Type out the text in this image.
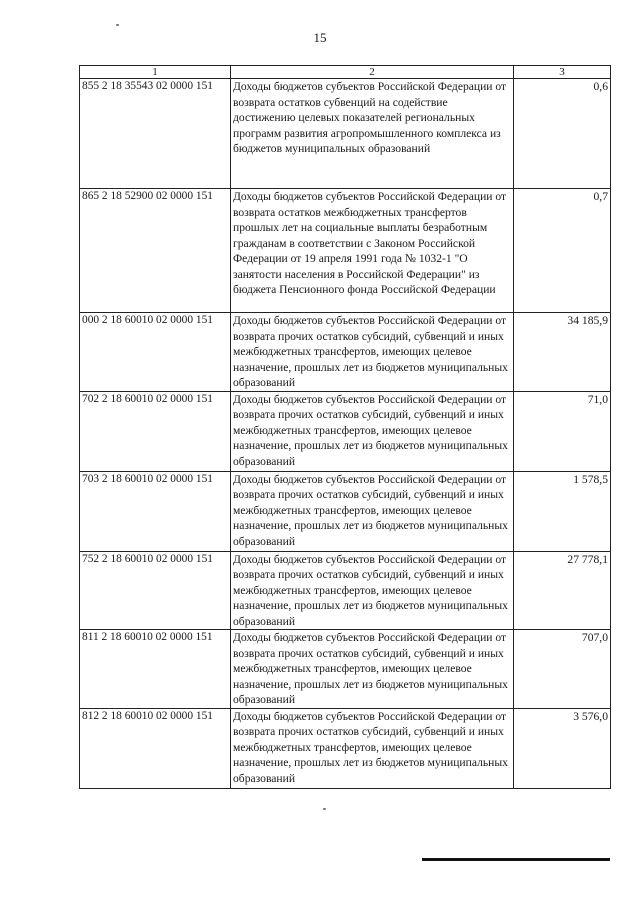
15
1	2	3
855 2 18 35543 02 0000 151	Доходы бюджетов субъектов Российской Федерации от возврата остатков субвенций на содействие достижению целевых показателей региональных программ развития агропромышленного комплекса из бюджетов муниципальных образований	0,6
865 2 18 52900 02 0000 151	Доходы бюджетов субъектов Российской Федерации от возврата остатков межбюджетных трансфертов прошлых лет на социальные выплаты безработным гражданам в соответствии с Законом Российской Федерации от 19 апреля 1991 года № 1032-1 "О занятости населения в Российской Федерации" из бюджета Пенсионного фонда Российской Федерации	0,7
000 2 18 60010 02 0000 151	Доходы бюджетов субъектов Российской Федерации от возврата прочих остатков субсидий, субвенций и иных межбюджетных трансфертов, имеющих целевое назначение, прошлых лет из бюджетов муниципальных образований	34 185,9
702 2 18 60010 02 0000 151	Доходы бюджетов субъектов Российской Федерации от возврата прочих остатков субсидий, субвенций и иных межбюджетных трансфертов, имеющих целевое назначение, прошлых лет из бюджетов муниципальных образований	71,0
703 2 18 60010 02 0000 151	Доходы бюджетов субъектов Российской Федерации от возврата прочих остатков субсидий, субвенций и иных межбюджетных трансфертов, имеющих целевое назначение, прошлых лет из бюджетов муниципальных образований	1 578,5
752 2 18 60010 02 0000 151	Доходы бюджетов субъектов Российской Федерации от возврата прочих остатков субсидий, субвенций и иных межбюджетных трансфертов, имеющих целевое назначение, прошлых лет из бюджетов муниципальных образований	27 778,1
811 2 18 60010 02 0000 151	Доходы бюджетов субъектов Российской Федерации от возврата прочих остатков субсидий, субвенций и иных межбюджетных трансфертов, имеющих целевое назначение, прошлых лет из бюджетов муниципальных образований	707,0
812 2 18 60010 02 0000 151	Доходы бюджетов субъектов Российской Федерации от возврата прочих остатков субсидий, субвенций и иных межбюджетных трансфертов, имеющих целевое назначение, прошлых лет из бюджетов муниципальных образований	3 576,0
